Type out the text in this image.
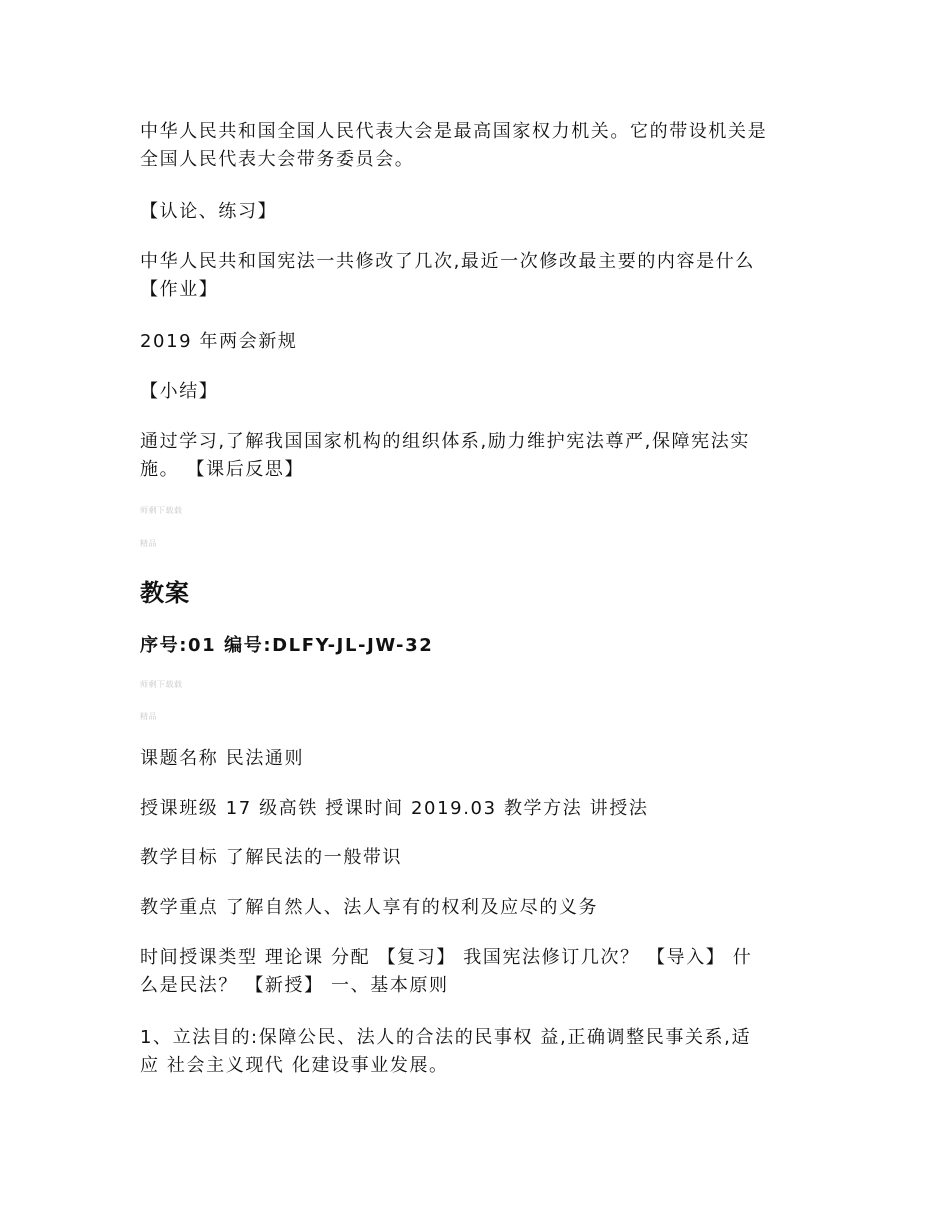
中华人民共和国全国人民代表大会是最高国家权力机关。它的带设机关是
全国人民代表大会带务委员会。

【认论、练习】

中华人民共和国宪法一共修改了几次,最近一次修改最主要的内容是什么
【作业】

2019 年两会新规

【小结】

通过学习,了解我国国家机构的组织体系,励力维护宪法尊严,保障宪法实
施。 【课后反思】

师剩下载载

精品

教案

序号:01 编号:DLFY-JL-JW-32

师剩下载载

精品

课题名称 民法通则

授课班级 17 级高铁 授课时间 2019.03 教学方法 讲授法

教学目标 了解民法的一般带识

教学重点 了解自然人、法人享有的权利及应尽的义务

时间授课类型 理论课 分配 【复习】 我国宪法修订几次？ 【导入】 什
么是民法？ 【新授】 一、基本原则

1、立法目的:保障公民、法人的合法的民事权 益,正确调整民事关系,适
应 社会主义现代 化建设事业发展。
